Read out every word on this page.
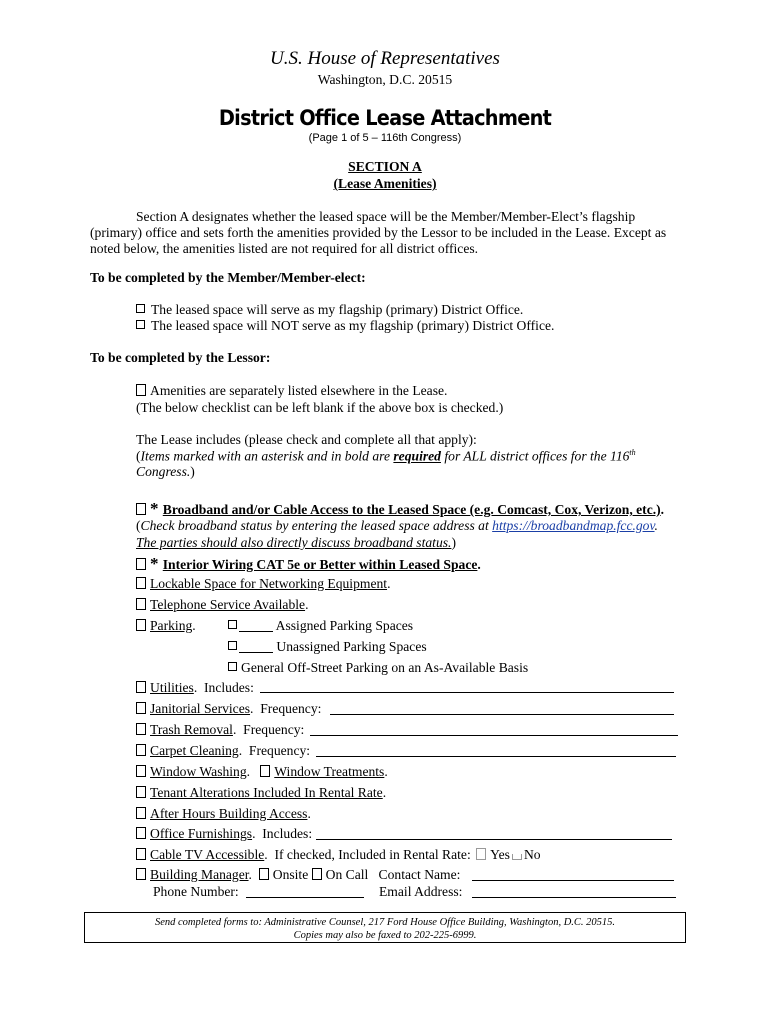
U.S. House of Representatives
Washington, D.C. 20515
District Office Lease Attachment
(Page 1 of 5 – 116th Congress)
SECTION A
(Lease Amenities)
Section A designates whether the leased space will be the Member/Member-Elect’s flagship
(primary) office and sets forth the amenities provided by the Lessor to be included in the Lease. Except as
noted below, the amenities listed are not required for all district offices.
To be completed by the Member/Member-elect:
The leased space will serve as my flagship (primary) District Office.
The leased space will NOT serve as my flagship (primary) District Office.
To be completed by the Lessor:
Amenities are separately listed elsewhere in the Lease.
(The below checklist can be left blank if the above box is checked.)
The Lease includes (please check and complete all that apply):
(Items marked with an asterisk and in bold are required for ALL district offices for the 116th
Congress.)
* Broadband and/or Cable Access to the Leased Space (e.g. Comcast, Cox, Verizon, etc.).
(Check broadband status by entering the leased space address at https://broadbandmap.fcc.gov.
The parties should also directly discuss broadband status.)
* Interior Wiring CAT 5e or Better within Leased Space.
Lockable Space for Networking Equipment.
Telephone Service Available.
Parking.	Assigned Parking Spaces
Unassigned Parking Spaces
General Off-Street Parking on an As-Available Basis
Utilities.  Includes:
Janitorial Services.  Frequency:
Trash Removal.  Frequency:
Carpet Cleaning.  Frequency:
Window Washing.   Window Treatments.
Tenant Alterations Included In Rental Rate.
After Hours Building Access.
Office Furnishings.  Includes:
Cable TV Accessible.  If checked, Included in Rental Rate: Yes No
Building Manager.  Onsite On Call Contact Name:
Phone Number:	Email Address:
Send completed forms to: Administrative Counsel, 217 Ford House Office Building, Washington, D.C. 20515.
Copies may also be faxed to 202-225-6999.
